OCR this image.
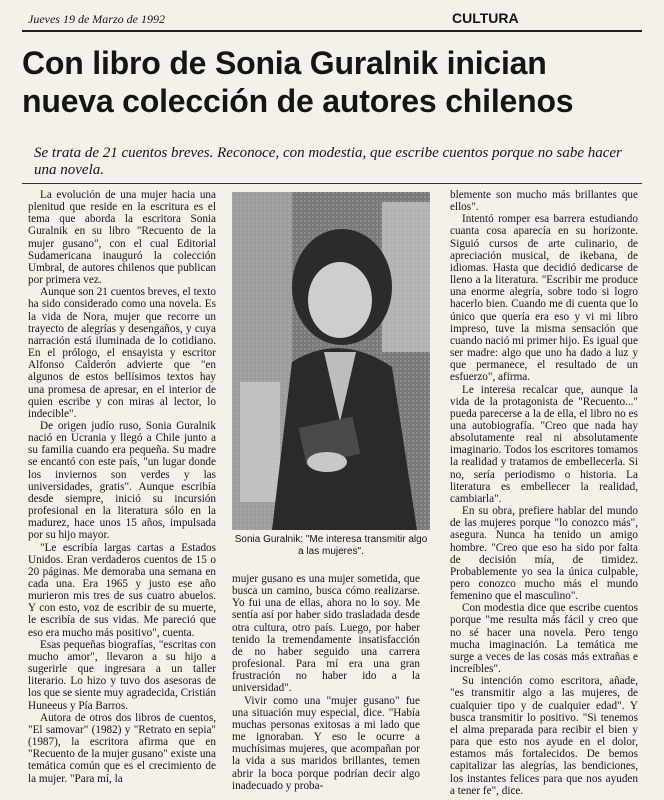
Jueves 19 de Marzo de 1992	CULTURA
Con libro de Sonia Guralnik inician nueva colección de autores chilenos
Se trata de 21 cuentos breves. Reconoce, con modestia, que escribe cuentos porque no sabe hacer una novela.

La evolución de una mujer hacia una plenitud que reside en la escritura es el tema que aborda la escritora Sonia Guralnik en su libro "Recuento de la mujer gusano", con el cual Editorial Sudamericana inauguró la colección Umbral, de autores chilenos que publican por primera vez.

Aunque son 21 cuentos breves, el texto ha sido considerado como una novela. Es la vida de Nora, mujer que recorre un trayecto de alegrías y desengaños, y cuya narración está iluminada de lo cotidiano. En el prólogo, el ensayista y escritor Alfonso Calderón advierte que "en algunos de estos bellísimos textos hay una promesa de apresar, en el interior de quien escribe y con miras al lector, lo indecible".

De origen judío ruso, Sonia Guralnik nació en Ucrania y llegó a Chile junto a su familia cuando era pequeña. Su madre se encantó con este país, "un lugar donde los inviernos son verdes y las universidades, gratis". Aunque escribía desde siempre, inició su incursión profesional en la literatura sólo en la madurez, hace unos 15 años, impulsada por su hijo mayor.

"Le escribía largas cartas a Estados Unidos. Eran verdaderos cuentos de 15 o 20 páginas. Me demoraba una semana en cada una. Era 1965 y justo ese año murieron mis tres de sus cuatro abuelos. Y con esto, voz de escribir de su muerte, le escribía de sus vidas. Me pareció que eso era mucho más positivo", cuenta.

Esas pequeñas biografías, "escritas con mucho amor", llevaron a su hijo a sugerirle que ingresara a un taller literario. Lo hizo y tuvo dos asesoras de los que se siente muy agradecida, Cristián Huneeus y Pía Barros.

Autora de otros dos libros de cuentos, "El samovar" (1982) y "Retrato en sepia" (1987), la escritora afirma que en "Recuento de la mujer gusano" existe una temática común que es el crecimiento de la mujer. "Para mí, la

Sonia Guralnik: "Me interesa transmitir algo a las mujeres".

mujer gusano es una mujer sometida, que busca un camino, busca cómo realizarse. Yo fui una de ellas, ahora no lo soy. Me sentía así por haber sido trasladada desde otra cultura, otro país. Luego, por haber tenido la tremendamente insatisfacción de no haber seguido una carrera profesional. Para mí era una gran frustración no haber ido a la universidad".

Vivir como una "mujer gusano" fue una situación muy especial, dice. "Había muchas personas exitosas a mi lado que me ignoraban. Y eso le ocurre a muchísimas mujeres, que acompañan por la vida a sus maridos brillantes, temen abrir la boca porque podrían decir algo inadecuado y proba-

blemente son mucho más brillantes que ellos".

Intentó romper esa barrera estudiando cuanta cosa aparecía en su horizonte. Siguió cursos de arte culinario, de apreciación musical, de ikebana, de idiomas. Hasta que decidió dedicarse de lleno a la literatura. "Escribir me produce una enorme alegría, sobre todo si logro hacerlo bien. Cuando me di cuenta que lo único que quería era eso y vi mi libro impreso, tuve la misma sensación que cuando nació mi primer hijo. Es igual que ser madre: algo que uno ha dado a luz y que permanece, el resultado de un esfuerzo", afirma.

Le interesa recalcar que, aunque la vida de la protagonista de "Recuento..." pueda parecerse a la de ella, el libro no es una autobiografía. "Creo que nada hay absolutamente real ni absolutamente imaginario. Todos los escritores tomamos la realidad y tratamos de embellecerla. Si no, sería periodismo o historia. La literatura es embellecer la realidad, cambiarla".

En su obra, prefiere hablar del mundo de las mujeres porque "lo conozco más", asegura. Nunca ha tenido un amigo hombre. "Creo que eso ha sido por falta de decisión mía, de timidez. Probablemente yo sea la única culpable, pero conozco mucho más el mundo femenino que el masculino".

Con modestia dice que escribe cuentos porque "me resulta más fácil y creo que no sé hacer una novela. Pero tengo mucha imaginación. La temática me surge a veces de las cosas más extrañas e increíbles".

Su intención como escritora, añade, "es transmitir algo a las mujeres, de cualquier tipo y de cualquier edad". Y busca transmitir lo positivo. "Si tenemos el alma preparada para recibir el bien y para que esto nos ayude en el dolor, estamos más fortalecidos. De bemos capitalizar las alegrías, las bendiciones, los instantes felices para que nos ayuden a tener fe", dice.
